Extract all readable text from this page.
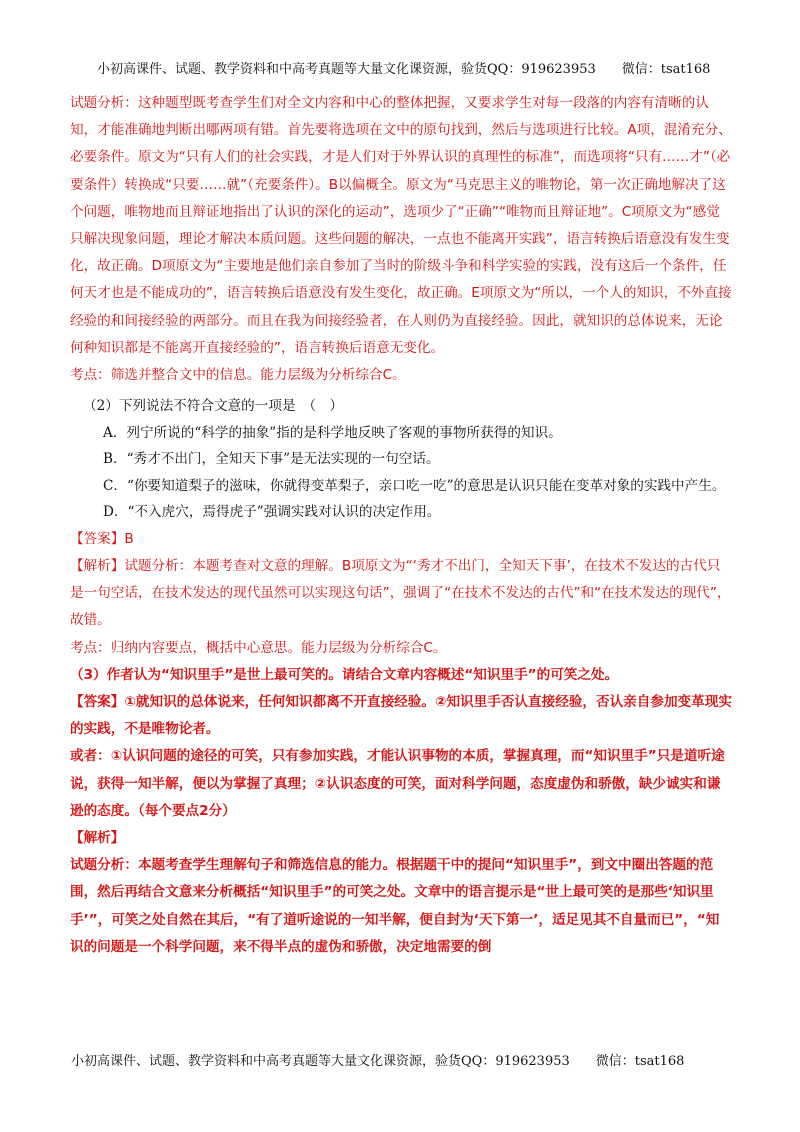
小初高课件、试题、教学资料和中高考真题等大量文化课资源，验货QQ：919623953　　微信：tsat168

试题分析：这种题型既考查学生们对全文内容和中心的整体把握，又要求学生对每一段落的内容有清晰的认知，才能准确地判断出哪两项有错。首先要将选项在文中的原句找到，然后与选项进行比较。A项，混淆充分、必要条件。原文为“只有人们的社会实践，才是人们对于外界认识的真理性的标准”，而选项将“只有……才”（必要条件）转换成“只要……就”（充要条件）。B以偏概全。原文为“马克思主义的唯物论，第一次正确地解决了这个问题，唯物地而且辩证地指出了认识的深化的运动”，选项少了“正确”“唯物而且辩证地”。C项原文为“感觉只解决现象问题，理论才解决本质问题。这些问题的解决，一点也不能离开实践”，语言转换后语意没有发生变化，故正确。D项原文为“主要地是他们亲自参加了当时的阶级斗争和科学实验的实践，没有这后一个条件，任何天才也是不能成功的”，语言转换后语意没有发生变化，故正确。E项原文为“所以，一个人的知识，不外直接经验的和间接经验的两部分。而且在我为间接经验者，在人则仍为直接经验。因此，就知识的总体说来，无论何种知识都是不能离开直接经验的”，语言转换后语意无变化。

考点：筛选并整合文中的信息。能力层级为分析综合C。

（2）下列说法不符合文意的一项是　（　）

A．列宁所说的“科学的抽象”指的是科学地反映了客观的事物所获得的知识。

B．“秀才不出门，全知天下事”是无法实现的一句空话。

C．“你要知道梨子的滋味，你就得变革梨子，亲口吃一吃”的意思是认识只能在变革对象的实践中产生。

D．“不入虎穴，焉得虎子”强调实践对认识的决定作用。

【答案】B

【解析】试题分析：本题考查对文意的理解。B项原文为“‘秀才不出门，全知天下事’，在技术不发达的古代只是一句空话，在技术发达的现代虽然可以实现这句话”，强调了“在技术不发达的古代”和“在技术发达的现代”，故错。

考点：归纳内容要点，概括中心意思。能力层级为分析综合C。

（3）作者认为“知识里手”是世上最可笑的。请结合文章内容概述“知识里手”的可笑之处。

【答案】①就知识的总体说来，任何知识都离不开直接经验。②知识里手否认直接经验，否认亲自参加变革现实的实践，不是唯物论者。

或者：①认识问题的途径的可笑，只有参加实践，才能认识事物的本质，掌握真理，而“知识里手”只是道听途说，获得一知半解，便以为掌握了真理；②认识态度的可笑，面对科学问题，态度虚伪和骄傲，缺少诚实和谦逊的态度。（每个要点2分）

【解析】

试题分析：本题考查学生理解句子和筛选信息的能力。根据题干中的提问“知识里手”，到文中圈出答题的范围，然后再结合文意来分析概括“知识里手”的可笑之处。文章中的语言提示是“世上最可笑的是那些‘知识里手’”，可笑之处自然在其后，“有了道听途说的一知半解，便自封为‘天下第一’，适足见其不自量而已”，“知识的问题是一个科学问题，来不得半点的虚伪和骄傲，决定地需要的倒

小初高课件、试题、教学资料和中高考真题等大量文化课资源，验货QQ：919623953　　微信：tsat168
